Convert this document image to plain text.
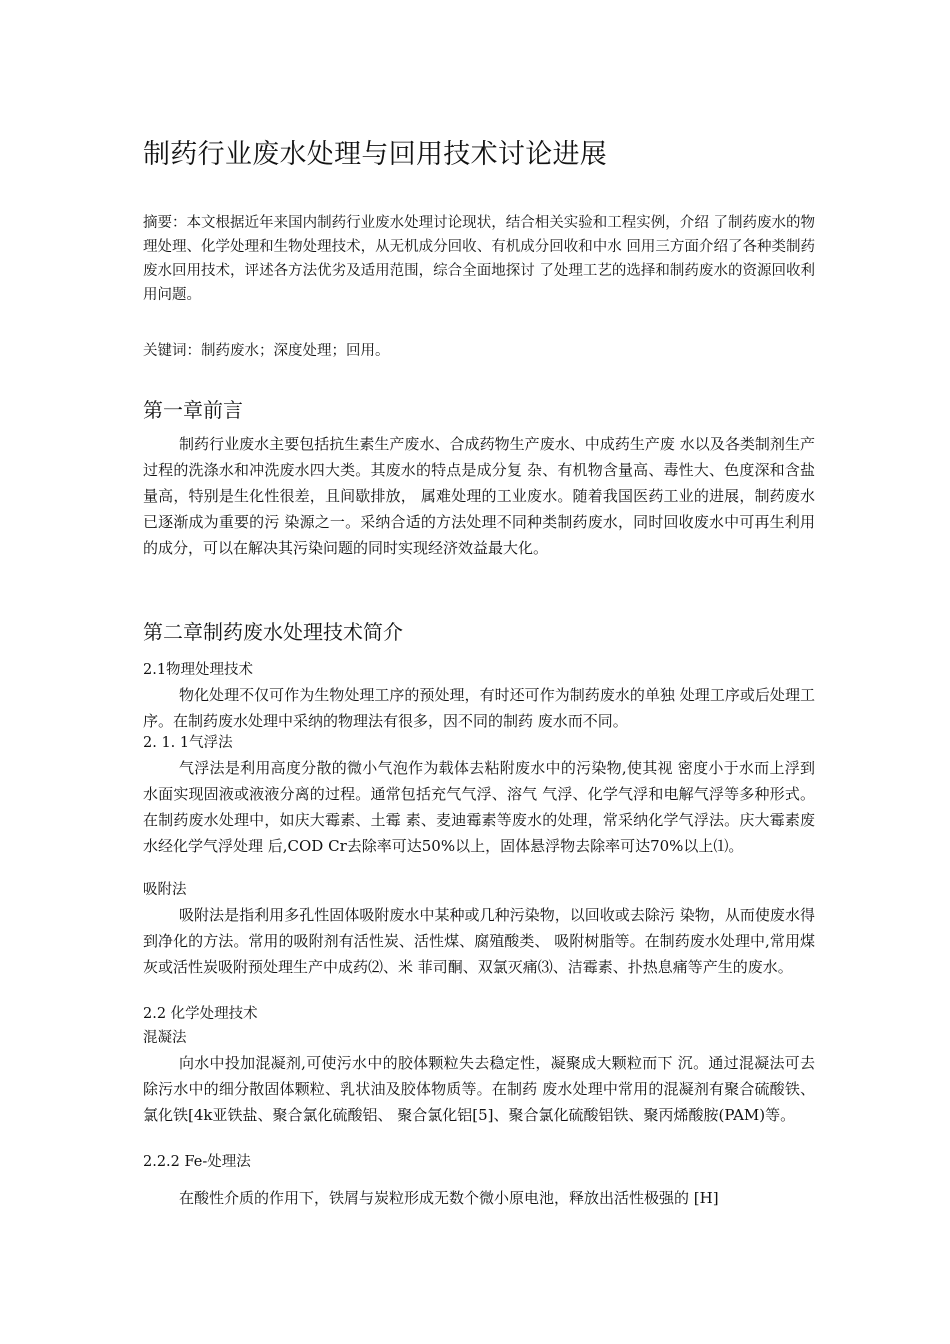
制药行业废水处理与回用技术讨论进展

摘要：本文根据近年来国内制药行业废水处理讨论现状，结合相关实验和工程实例，介绍 了制药废水的物理处理、化学处理和生物处理技术，从无机成分回收、有机成分回收和中水 回用三方面介绍了各种类制药废水回用技术，评述各方法优劣及适用范围，综合全面地探讨 了处理工艺的选择和制药废水的资源回收利用问题。

关键词：制药废水；深度处理；回用。

第一章前言

制药行业废水主要包括抗生素生产废水、合成药物生产废水、中成药生产废 水以及各类制剂生产过程的洗涤水和冲洗废水四大类。其废水的特点是成分复 杂、有机物含量高、毒性大、色度深和含盐量高，特别是生化性很差，且间歇排放， 属难处理的工业废水。随着我国医药工业的进展，制药废水已逐渐成为重要的污 染源之一。采纳合适的方法处理不同种类制药废水，同时回收废水中可再生利用 的成分，可以在解决其污染问题的同时实现经济效益最大化。

第二章制药废水处理技术简介
2.1物理处理技术

物化处理不仅可作为生物处理工序的预处理，有时还可作为制药废水的单独 处理工序或后处理工序。在制药废水处理中采纳的物理法有很多，因不同的制药 废水而不同。

2. 1. 1气浮法

气浮法是利用高度分散的微小气泡作为载体去粘附废水中的污染物,使其视 密度小于水而上浮到水面实现固液或液液分离的过程。通常包括充气气浮、溶气 气浮、化学气浮和电解气浮等多种形式。在制药废水处理中，如庆大霉素、土霉 素、麦迪霉素等废水的处理，常采纳化学气浮法。庆大霉素废水经化学气浮处理 后,COD Cr去除率可达50%以上，固体悬浮物去除率可达70%以上⑴。

吸附法

吸附法是指利用多孔性固体吸附废水中某种或几种污染物，以回收或去除污 染物，从而使废水得到净化的方法。常用的吸附剂有活性炭、活性煤、腐殖酸类、 吸附树脂等。在制药废水处理中,常用煤灰或活性炭吸附预处理生产中成药⑵、米 菲司酮、双氯灭痛⑶、洁霉素、扑热息痛等产生的废水。

2.2 化学处理技术
混凝法

向水中投加混凝剂,可使污水中的胶体颗粒失去稳定性，凝聚成大颗粒而下 沉。通过混凝法可去除污水中的细分散固体颗粒、乳状油及胶体物质等。在制药 废水处理中常用的混凝剂有聚合硫酸铁、氯化铁[4k亚铁盐、聚合氯化硫酸铝、 聚合氯化铝[5]、聚合氯化硫酸铝铁、聚丙烯酸胺(PAM)等。

2.2.2 Fe-处理法

在酸性介质的作用下，铁屑与炭粒形成无数个微小原电池，释放出活性极强的 [H]
